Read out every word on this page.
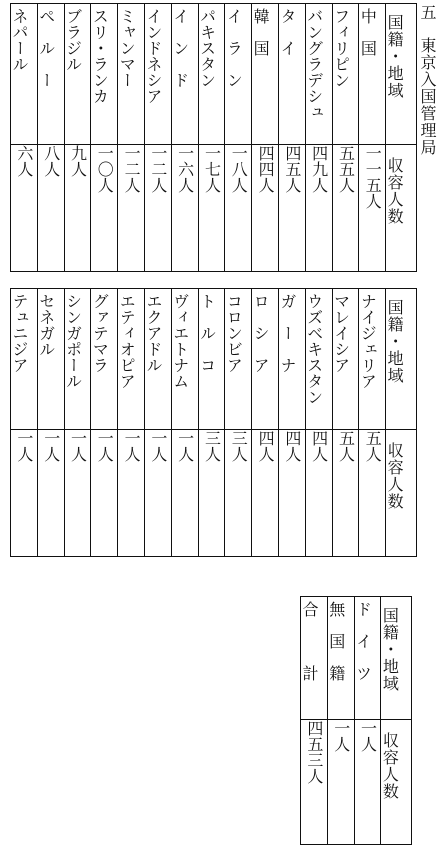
五東京入国管理局
ネパール	ペ　ル　ー	ブラジル	スリ・ランカ	ミャンマー	インドネシア	イ　ン　ド	パキスタン	イ　ラ　ン	韓　国	タ　イ	バングラデシュ	フィリピン	中　国	国籍・地域
六人	八人	九人	一〇人	一二人	一二人	一六人	一七人	一八人	四四人	四五人	四九人	五五人	一一五人	収容人数
テュニジア	セネガル	シンガポール	グァテマラ	エティオピア	エクアドル	ヴィエトナム	ト　ル　コ	コロンビア	ロ　シ　ア	ガ　ー　ナ	ウズベキスタン	マレイシア	ナイジェリア	国籍・地域
一人	一人	一人	一人	一人	一人	一人	三人	三人	四人	四人	四人	五人	五人	収容人数
合　　　計	無　国　籍	ド　イ　ツ	国籍・地域
四五三人	一人	一人	収容人数
